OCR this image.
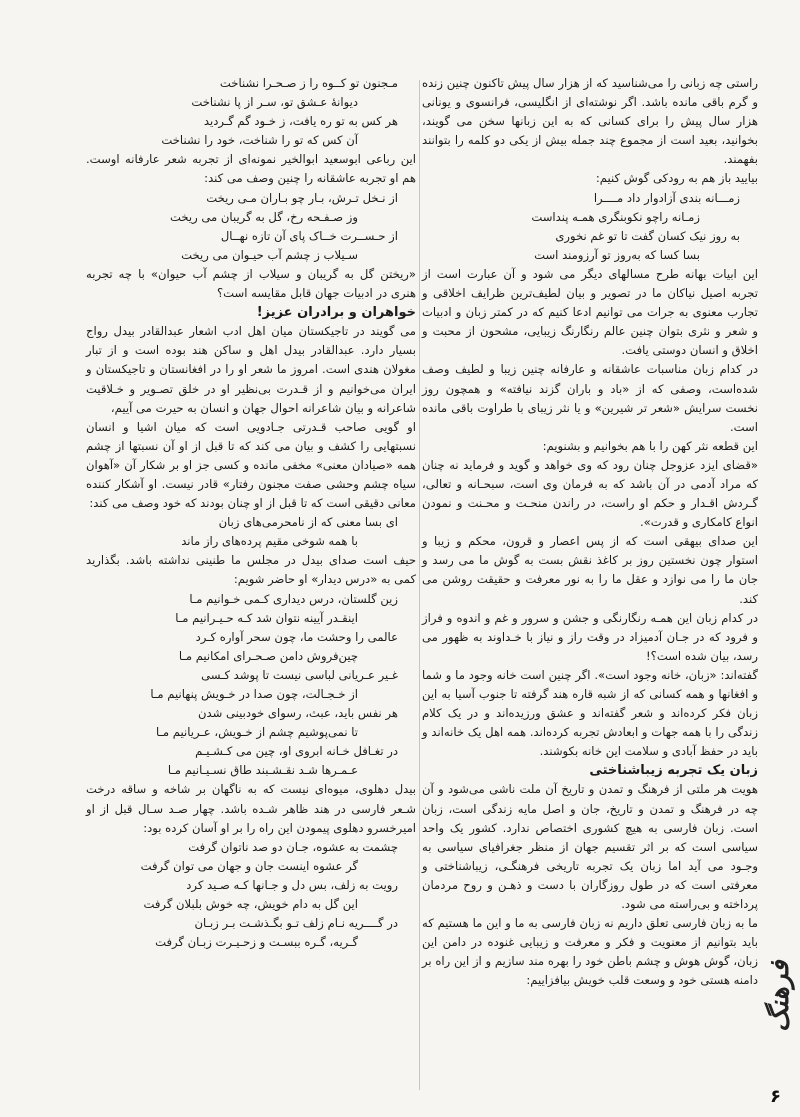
راستی چه زبانی را می‌شناسید که از هزار سال پیش تاکنون چنین زنده و گرم باقی مانده باشد. اگر نوشته‌ای از انگلیسی، فرانسوی و یونانی هزار سال پیش را برای کسانی که به این زبانها سخن می گویند، بخوانید، بعید است از مجموع چند جمله بیش از یکی دو کلمه را بتوانند بفهمند.
بیایید باز هم به رودکی گوش کنیم:
زمـــانه بندی آزادوار داد مــــرا
زمـانه راچو نکوبنگری همـه پنداست
به روز نیک کسان گفت تا تو غم نخوری
بسا کسا که به‌روز تو آرزومند است
این ابیات بهانه طرح مسالهای دیگر می شود و آن عبارت است از تجربه اصیل نیاکان ما در تصویر و بیان لطیف‌ترین ظرایف اخلاقی و تجارب معنوی به جرات می توانیم ادعا کنیم که در کمتر زبان و ادبیات و شعر و نثری بتوان چنین عالم رنگارنگ زیبایی، مشحون از محبت و اخلاق و انسان دوستی یافت.
در کدام زبان مناسبات عاشقانه و عارفانه چنین زیبا و لطیف وصف شده‌است، وصفی که از «باد و باران گزند نیافته» و همچون روز نخست سرایش «شعر تر شیرین» و یا نثر زیبای با طراوت باقی مانده است.
این قطعه نثر کهن را با هم بخوانیم و بشنویم:
«قضای ایزد عزوجل چنان رود که وی خواهد و گوید و فرماید نه چنان که مراد آدمی در آن باشد که به فرمان وی است، سبحـانه و تعالی، گـردش اقـدار و حکم او راست، در راندن منحـت و محـنت و نمودن انواع کامکاری و قدرت».
این صدای بیهقی است که از پس اعصار و قرون، محکم و زیبا و استوار چون نخستین روز بر کاغذ نقش بست به گوش ما می رسد و جان ما را می نوازد و عقل ما را به نور معرفت و حقیقت روشن می کند.
در کدام زبان این همـه رنگارنگی و جشن و سرور و غم و اندوه و فراز و فرود که در جـان آدمیزاد در وقت راز و نیاز با خـداوند به ظهور می رسد، بیان شده است؟!
گفته‌اند: «زبان، خانه وجود است». اگر چنین است خانه وجود ما و شما و افغانها و همه کسانی که از شبه قاره هند گرفته تا جنوب آسیا به این زبان فکر کرده‌اند و شعر گفته‌اند و عشق ورزیده‌اند و در یک کلام زندگی را با همه جهات و ابعادش تجربه کرده‌اند. همه اهل یک خانه‌اند و باید در حفظ آبادی و سلامت این خانه بکوشند.
زبان یک تجربه زیباشناختی
هویت هر ملتی از فرهنگ و تمدن و تاریخ آن ملت ناشی می‌شود و آن چه در فرهنگ و تمدن و تاریخ، جان و اصل مایه زندگی است، زبان است. زبان فارسی به هیچ کشوری اختصاص ندارد. کشور یک واحد سیاسی است که بر اثر تقسیم جهان از منظر جغرافیای سیاسی به وجـود می آید اما زبان یک تجربه تاریخی فرهنگـی، زیباشناختی و معرفتی است که در طول روزگاران با دست و ذهـن و روح مردمان پرداخته و بی‌راسته می شود.
ما به زبان فارسی تعلق داریم نه زبان فارسی به ما و این ما هستیم که باید بتوانیم از معنویت و فکر و معرفت و زیبایی غنوده در دامن این زبان، گوش هوش و چشم باطن خود را بهره مند سازیم و از این راه بر دامنه هستی خود و وسعت قلب خویش بیافزاییم:
مـجنون تو کــوه را ز صـحـرا نشناخت
دیوانهٔ عـشق تو، سـر از پا نشناخت
هر کس به تو ره یافت، ز خـود گم گـردید
آن کس که تو را شناخت، خود را نشناخت
این رباعی ابوسعید ابوالخیر نمونه‌ای از تجربه شعر عارفانه اوست. هم او تجربه عاشقانه را چنین وصف می کند:
از نـخل تـرش، بـار چو بـاران مـی ریخت
وز صـفـحه رخ، گل به گریبان می ریخت
از حـســرت خــاک پای آن تازه نهــال
سـیلاب ز چشم آب حیـوان می ریخت
«ریختن گل به گریبان و سیلاب از چشم آب حیوان» با چه تجربه هنری در ادبیات جهان قابل مقایسه است؟
خواهران و برادران عزیز!
می گویند در تاجیکستان میان اهل ادب اشعار عبدالقادر بیدل رواج بسیار دارد. عبدالقادر بیدل اهل و ساکن هند بوده است و از تبار مغولان هندی است. امروز ما شعر او را در افغانستان و تاجیکستان و ایران می‌خوانیم و از قـدرت بی‌نظیر او در خلق تصـویر و خـلاقیت شاعرانه و بیان شاعرانه احوال جهان و انسان به حیرت می آییم،
او گویی صاحب قـدرتی جـادویی است که میان اشیا و انسان نسبتهایی را کشف و بیان می کند که تا قبل از او آن نسبتها از چشم همه «صیادان معنی» مخفی مانده و کسی جز او بر شکار آن «آهوان سیاه چشم وحشی صفت مجنون رفتار» قادر نیست. او آشکار کننده معانی دقیقی است که تا قبل از او چنان بودند که خود وصف می کند:
ای بسا معنی که از نامحرمی‌های زبان
با همه شوخی مقیم پرده‌های راز ماند
حیف است صدای بیدل در مجلس ما طنینی نداشته باشد. بگذارید کمی به «درس دیدار» او حاضر شویم:
زین گلستان، درس دیداری کـمی خـوانیم مـا
اینقـدر آیینه نتوان شد کـه حـیـرانیم مـا
عالمی را وحشت ما، چون سحر آواره کـرد
چین‌فروش دامن صـحـرای امکانیم مـا
غـیر عـریانی لباسی نیست تا پوشد کـسی
از خـجـالت، چون صدا در خـویش پنهانیم مـا
هر نفس باید، عبث، رسوای خودبینی شدن
تا نمی‌پوشیم چشم از خـویش، عـریانیم مـا
در تغـافل خـانه ابروی او، چین می کـشـیـم
عـمـرها شـد نقـشـبند طاق نسـیـانیم مـا
بیدل دهلوی، میوه‌ای نیست که به ناگهان بر شاخه و ساقه درخت شـعر فارسی در هند ظاهر شـده باشد. چهار صـد سـال قبل از او امیرخسرو دهلوی پیمودن این راه را بر او آسان کرده بود:
چشمت به عشوه، جـان دو صد ناتوان گرفت
گر عشوه اینست جان و جهان می توان گرفت
رویت به زلف، بس دل و جـانها کـه صـید کرد
این گل به دام خویش، چه خوش بلبلان گرفت
در گــــریه نـام زلف تـو بگـذشـت بـر زبـان
گـریه، گـره ببسـت و زحـیـرت زبـان گرفت
فرهنگ
۶
